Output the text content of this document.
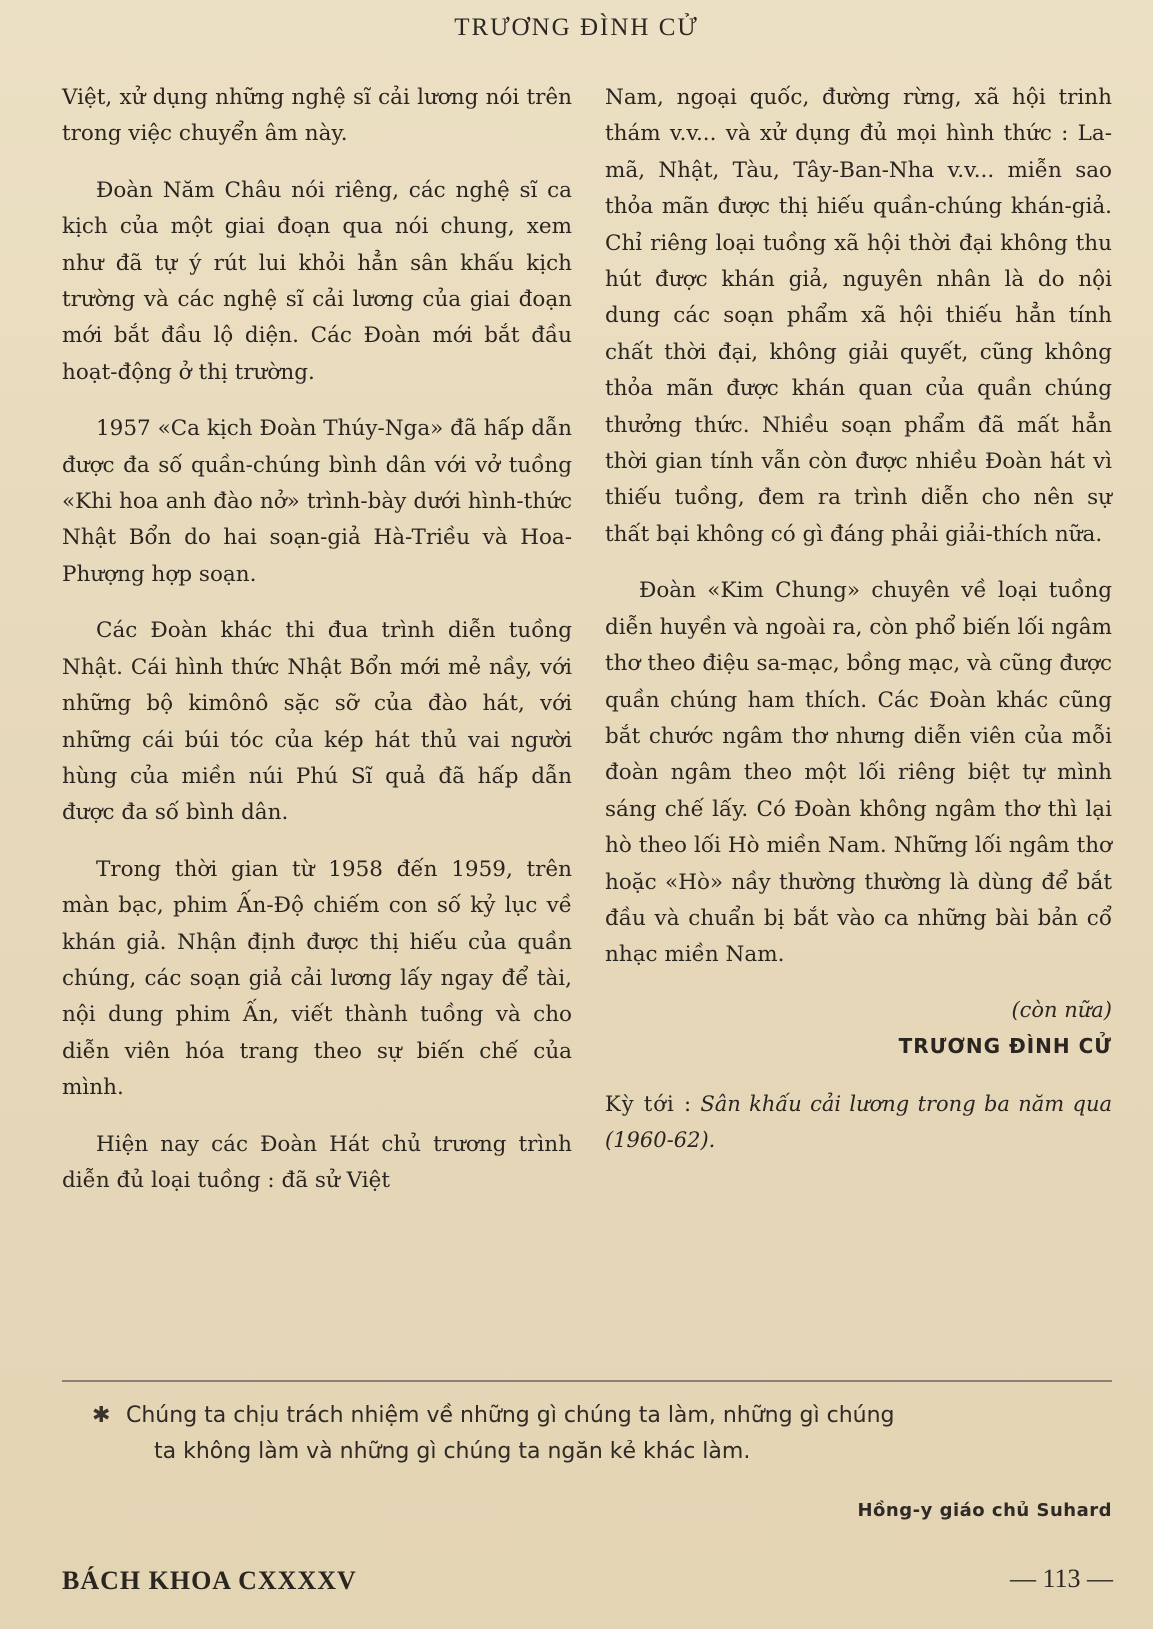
TRƯƠNG ĐÌNH CỬ

Việt, xử dụng những nghệ sĩ cải lương nói trên trong việc chuyển âm này.

Đoàn Năm Châu nói riêng, các nghệ sĩ ca kịch của một giai đoạn qua nói chung, xem như đã tự ý rút lui khỏi hẳn sân khấu kịch trường và các nghệ sĩ cải lương của giai đoạn mới bắt đầu lộ diện. Các Đoàn mới bắt đầu hoạt-động ở thị trường.

1957 «Ca kịch Đoàn Thúy-Nga» đã hấp dẫn được đa số quần-chúng bình dân với vở tuồng «Khi hoa anh đào nở» trình-bày dưới hình-thức Nhật Bổn do hai soạn-giả Hà-Triều và Hoa-Phượng hợp soạn.

Các Đoàn khác thi đua trình diễn tuồng Nhật. Cái hình thức Nhật Bổn mới mẻ nầy, với những bộ kimônô sặc sỡ của đào hát, với những cái búi tóc của kép hát thủ vai người hùng của miền núi Phú Sĩ quả đã hấp dẫn được đa số bình dân.

Trong thời gian từ 1958 đến 1959, trên màn bạc, phim Ấn-Độ chiếm con số kỷ lục về khán giả. Nhận định được thị hiếu của quần chúng, các soạn giả cải lương lấy ngay để tài, nội dung phim Ấn, viết thành tuồng và cho diễn viên hóa trang theo sự biến chế của mình.

Hiện nay các Đoàn Hát chủ trương trình diễn đủ loại tuồng : đã sử Việt

Nam, ngoại quốc, đường rừng, xã hội trinh thám v.v... và xử dụng đủ mọi hình thức : La-mã, Nhật, Tàu, Tây-Ban-Nha v.v... miễn sao thỏa mãn được thị hiếu quần-chúng khán-giả. Chỉ riêng loại tuồng xã hội thời đại không thu hút được khán giả, nguyên nhân là do nội dung các soạn phẩm xã hội thiếu hẳn tính chất thời đại, không giải quyết, cũng không thỏa mãn được khán quan của quần chúng thưởng thức. Nhiều soạn phẩm đã mất hẳn thời gian tính vẫn còn được nhiều Đoàn hát vì thiếu tuồng, đem ra trình diễn cho nên sự thất bại không có gì đáng phải giải-thích nữa.

Đoàn «Kim Chung» chuyên về loại tuồng diễn huyền và ngoài ra, còn phổ biến lối ngâm thơ theo điệu sa-mạc, bồng mạc, và cũng được quần chúng ham thích. Các Đoàn khác cũng bắt chước ngâm thơ nhưng diễn viên của mỗi đoàn ngâm theo một lối riêng biệt tự mình sáng chế lấy. Có Đoàn không ngâm thơ thì lại hò theo lối Hò miền Nam. Những lối ngâm thơ hoặc «Hò» nầy thường thường là dùng để bắt đầu và chuẩn bị bắt vào ca những bài bản cổ nhạc miền Nam.

(còn nữa)
TRƯƠNG ĐÌNH CỬ
Kỳ tới : Sân khấu cải lương trong ba năm qua (1960-62).
✱ Chúng ta chịu trách nhiệm về những gì chúng ta làm, những gì chúng
ta không làm và những gì chúng ta ngăn kẻ khác làm.
Hồng-y giáo chủ Suhard
BÁCH KHOA CXXXXV	— 113 —
